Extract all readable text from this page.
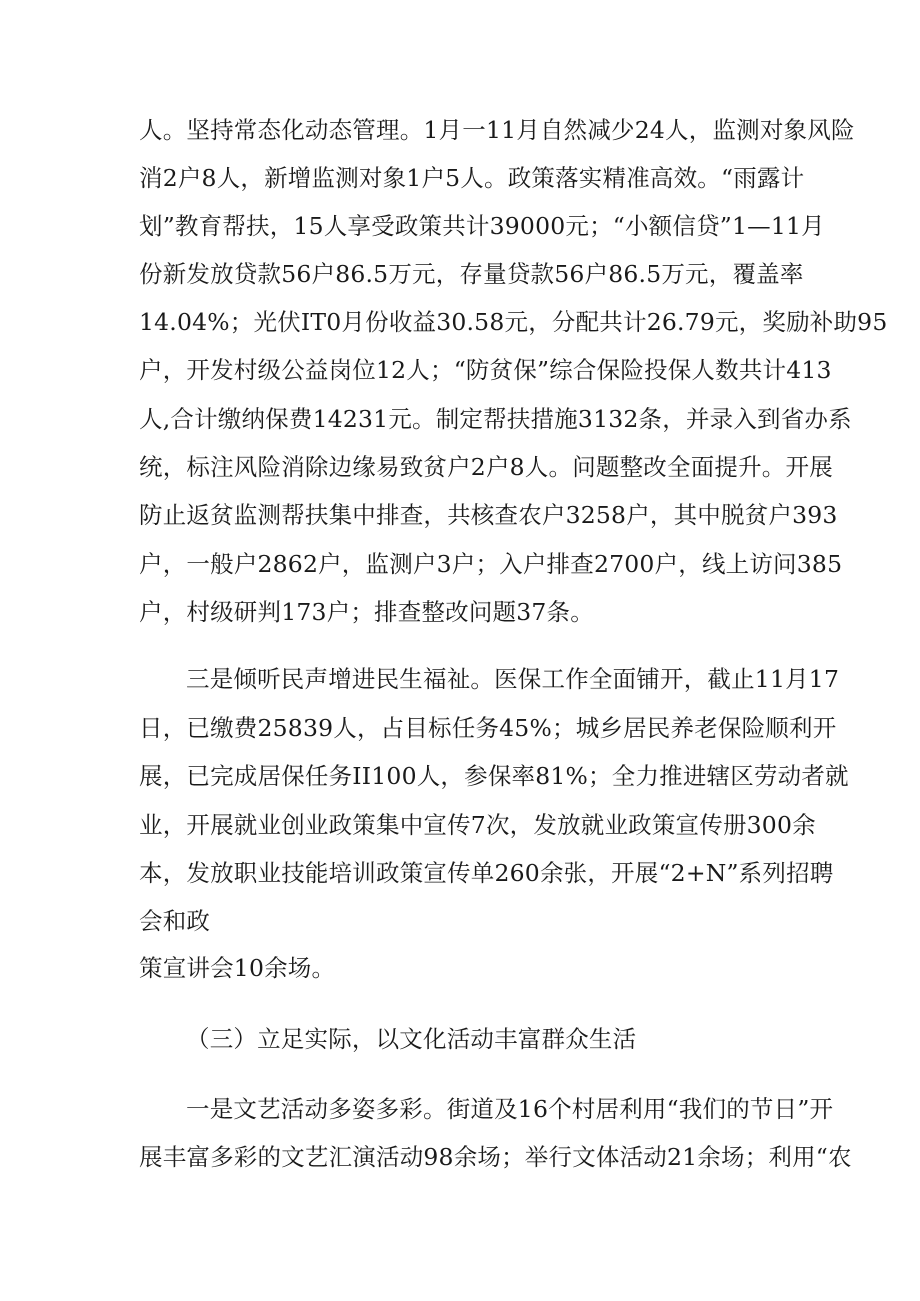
人。坚持常态化动态管理。1月一11月自然减少24人，监测对象风险
消2户8人，新增监测对象1户5人。政策落实精准高效。“雨露计
划”教育帮扶，15人享受政策共计39000元；“小额信贷”1—11月
份新发放贷款56户86.5万元，存量贷款56户86.5万元，覆盖率
14.04%；光伏IT0月份收益30.58元，分配共计26.79元，奖励补助95
户，开发村级公益岗位12人；“防贫保”综合保险投保人数共计413
人,合计缴纳保费14231元。制定帮扶措施3132条，并录入到省办系
统，标注风险消除边缘易致贫户2户8人。问题整改全面提升。开展
防止返贫监测帮扶集中排查，共核查农户3258户，其中脱贫户393
户，一般户2862户，监测户3户；入户排查2700户，线上访问385
户，村级研判173户；排查整改问题37条。
三是倾听民声增进民生福祉。医保工作全面铺开，截止11月17
日，已缴费25839人，占目标任务45%；城乡居民养老保险顺利开
展，已完成居保任务II100人，参保率81%；全力推进辖区劳动者就
业，开展就业创业政策集中宣传7次，发放就业政策宣传册300余
本，发放职业技能培训政策宣传单260余张，开展“2+N”系列招聘
会和政
策宣讲会10余场。
（三）立足实际，以文化活动丰富群众生活
一是文艺活动多姿多彩。街道及16个村居利用“我们的节日”开
展丰富多彩的文艺汇演活动98余场；举行文体活动21余场；利用“农
